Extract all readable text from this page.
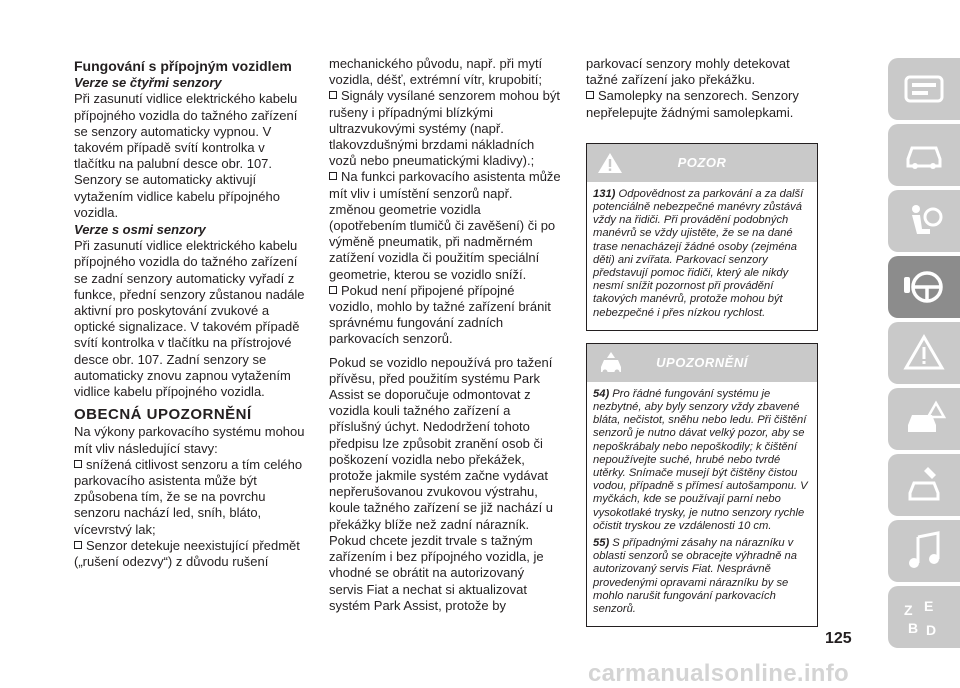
Fungování s přípojným vozidlem
Verze se čtyřmi senzory

Při zasunutí vidlice elektrického kabelu přípojného vozidla do tažného zařízení se senzory automaticky vypnou. V takovém případě svítí kontrolka v tlačítku na palubní desce obr. 107. Senzory se automaticky aktivují vytažením vidlice kabelu přípojného vozidla.

Verze s osmi senzory

Při zasunutí vidlice elektrického kabelu přípojného vozidla do tažného zařízení se zadní senzory automaticky vyřadí z funkce, přední senzory zůstanou nadále aktivní pro poskytování zvukové a optické signalizace. V takovém případě svítí kontrolka v tlačítku na přístrojové desce obr. 107. Zadní senzory se automaticky znovu zapnou vytažením vidlice kabelu přípojného vozidla.

OBECNÁ UPOZORNĚNÍ

Na výkony parkovacího systému mohou mít vliv následující stavy:

snížená citlivost senzoru a tím celého parkovacího asistenta může být způsobena tím, že se na povrchu senzoru nachází led, sníh, bláto, vícevrstvý lak;
Senzor detekuje neexistující předmět („rušení odezvy“) z důvodu rušení

mechanického původu, např. při mytí vozidla, déšť, extrémní vítr, krupobití;

Signály vysílané senzorem mohou být rušeny i případnými blízkými ultrazvukovými systémy (např. tlakovzdušnými brzdami nákladních vozů nebo pneumatickými kladivy).;
Na funkci parkovacího asistenta může mít vliv i umístění senzorů např. změnou geometrie vozidla (opotřebením tlumičů či zavěšení) či po výměně pneumatik, při nadměrném zatížení vozidla či použitím speciální geometrie, kterou se vozidlo sníží.
Pokud není připojené přípojné vozidlo, mohlo by tažné zařízení bránit správnému fungování zadních parkovacích senzorů.

Pokud se vozidlo nepoužívá pro tažení přívěsu, před použitím systému Park Assist se doporučuje odmontovat z vozidla kouli tažného zařízení a příslušný úchyt. Nedodržení tohoto předpisu lze způsobit zranění osob či poškození vozidla nebo překážek, protože jakmile systém začne vydávat nepřerušovanou zvukovou výstrahu, koule tažného zařízení se již nachází u překážky blíže než zadní nárazník. Pokud chcete jezdit trvale s tažným zařízením i bez přípojného vozidla, je vhodné se obrátit na autorizovaný servis Fiat a nechat si aktualizovat systém Park Assist, protože by

parkovací senzory mohly detekovat tažné zařízení jako překážku.

Samolepky na senzorech. Senzory nepřelepujte žádnými samolepkami.
POZOR

131) Odpovědnost za parkování a za další potenciálně nebezpečné manévry zůstává vždy na řidiči. Při provádění podobných manévrů se vždy ujistěte, že se na dané trase nenacházejí žádné osoby (zejména děti) ani zvířata. Parkovací senzory představují pomoc řidiči, který ale nikdy nesmí snížit pozornost při provádění takových manévrů, protože mohou být nebezpečné i přes nízkou rychlost.

UPOZORNĚNÍ

54) Pro řádné fungování systému je nezbytné, aby byly senzory vždy zbavené bláta, nečistot, sněhu nebo ledu. Při čištění senzorů je nutno dávat velký pozor, aby se nepoškrábaly nebo nepoškodily; k čištění nepoužívejte suché, hrubé nebo tvrdé utěrky. Snímače musejí být čištěny čistou vodou, případně s přímesí autošamponu. V myčkách, kde se používají parní nebo vysokotlaké trysky, je nutno senzory rychle očistit tryskou ze vzdálenosti 10 cm.

55) S případnými zásahy na nárazníku v oblasti senzorů se obracejte výhradně na autorizovaný servis Fiat. Nesprávně provedenými opravami nárazníku by se mohlo narušit fungování parkovacích senzorů.	Z E
B D
125
carmanualsonline.info
